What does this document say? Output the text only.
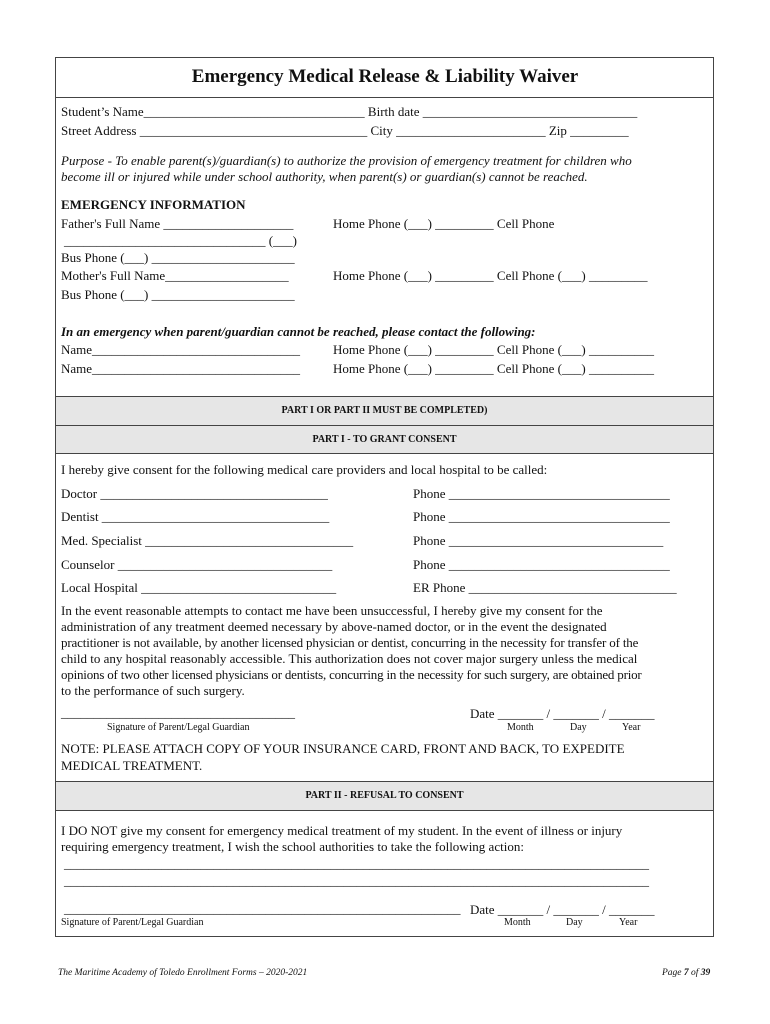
Emergency Medical Release & Liability Waiver
Student’s Name__________________________________ Birth date _________________________________
Street Address ___________________________________ City _______________________ Zip _________
Purpose - To enable parent(s)/guardian(s) to authorize the provision of emergency treatment for children who
become ill or injured while under school authority, when parent(s) or guardian(s) cannot be reached.
EMERGENCY INFORMATION
Father's Full Name ____________________	Home Phone (___) _________ Cell Phone
_______________________________ (___)
Bus Phone (___) ______________________
Mother's Full Name___________________	Home Phone (___) _________ Cell Phone (___) _________
Bus Phone (___) ______________________
In an emergency when parent/guardian cannot be reached, please contact the following:
Name________________________________	Home Phone (___) _________ Cell Phone (___) __________
Name________________________________	Home Phone (___) _________ Cell Phone (___) __________
PART I OR PART II MUST BE COMPLETED)
PART I - TO GRANT CONSENT
I hereby give consent for the following medical care providers and local hospital to be called:
Doctor ___________________________________	Phone __________________________________
Dentist ___________________________________	Phone __________________________________
Med. Specialist ________________________________	Phone _________________________________
Counselor _________________________________	Phone __________________________________
Local Hospital ______________________________	ER Phone ________________________________
In the event reasonable attempts to contact me have been unsuccessful, I hereby give my consent for the
administration of any treatment deemed necessary by above-named doctor, or in the event the designated
practitioner is not available, by another licensed physician or dentist, concurring in the necessity for transfer of the
child to any hospital reasonably accessible. This authorization does not cover major surgery unless the medical
opinions of two other licensed physicians or dentists, concurring in the necessity for such surgery, are obtained prior
to the performance of such surgery.
____________________________________
Signature of Parent/Legal Guardian
Date _______ / _______ / _______
Month	Day	Year
NOTE: PLEASE ATTACH COPY OF YOUR INSURANCE CARD, FRONT AND BACK, TO EXPEDITE
MEDICAL TREATMENT.
PART II - REFUSAL TO CONSENT
I DO NOT give my consent for emergency medical treatment of my student. In the event of illness or injury
requiring emergency treatment, I wish the school authorities to take the following action:
__________________________________________________________________________________________
__________________________________________________________________________________________
_____________________________________________________________
Signature of Parent/Legal Guardian
Date _______ / _______ / _______
Month	Day	Year
The Maritime Academy of Toledo Enrollment Forms – 2020-2021	Page 7 of 39
